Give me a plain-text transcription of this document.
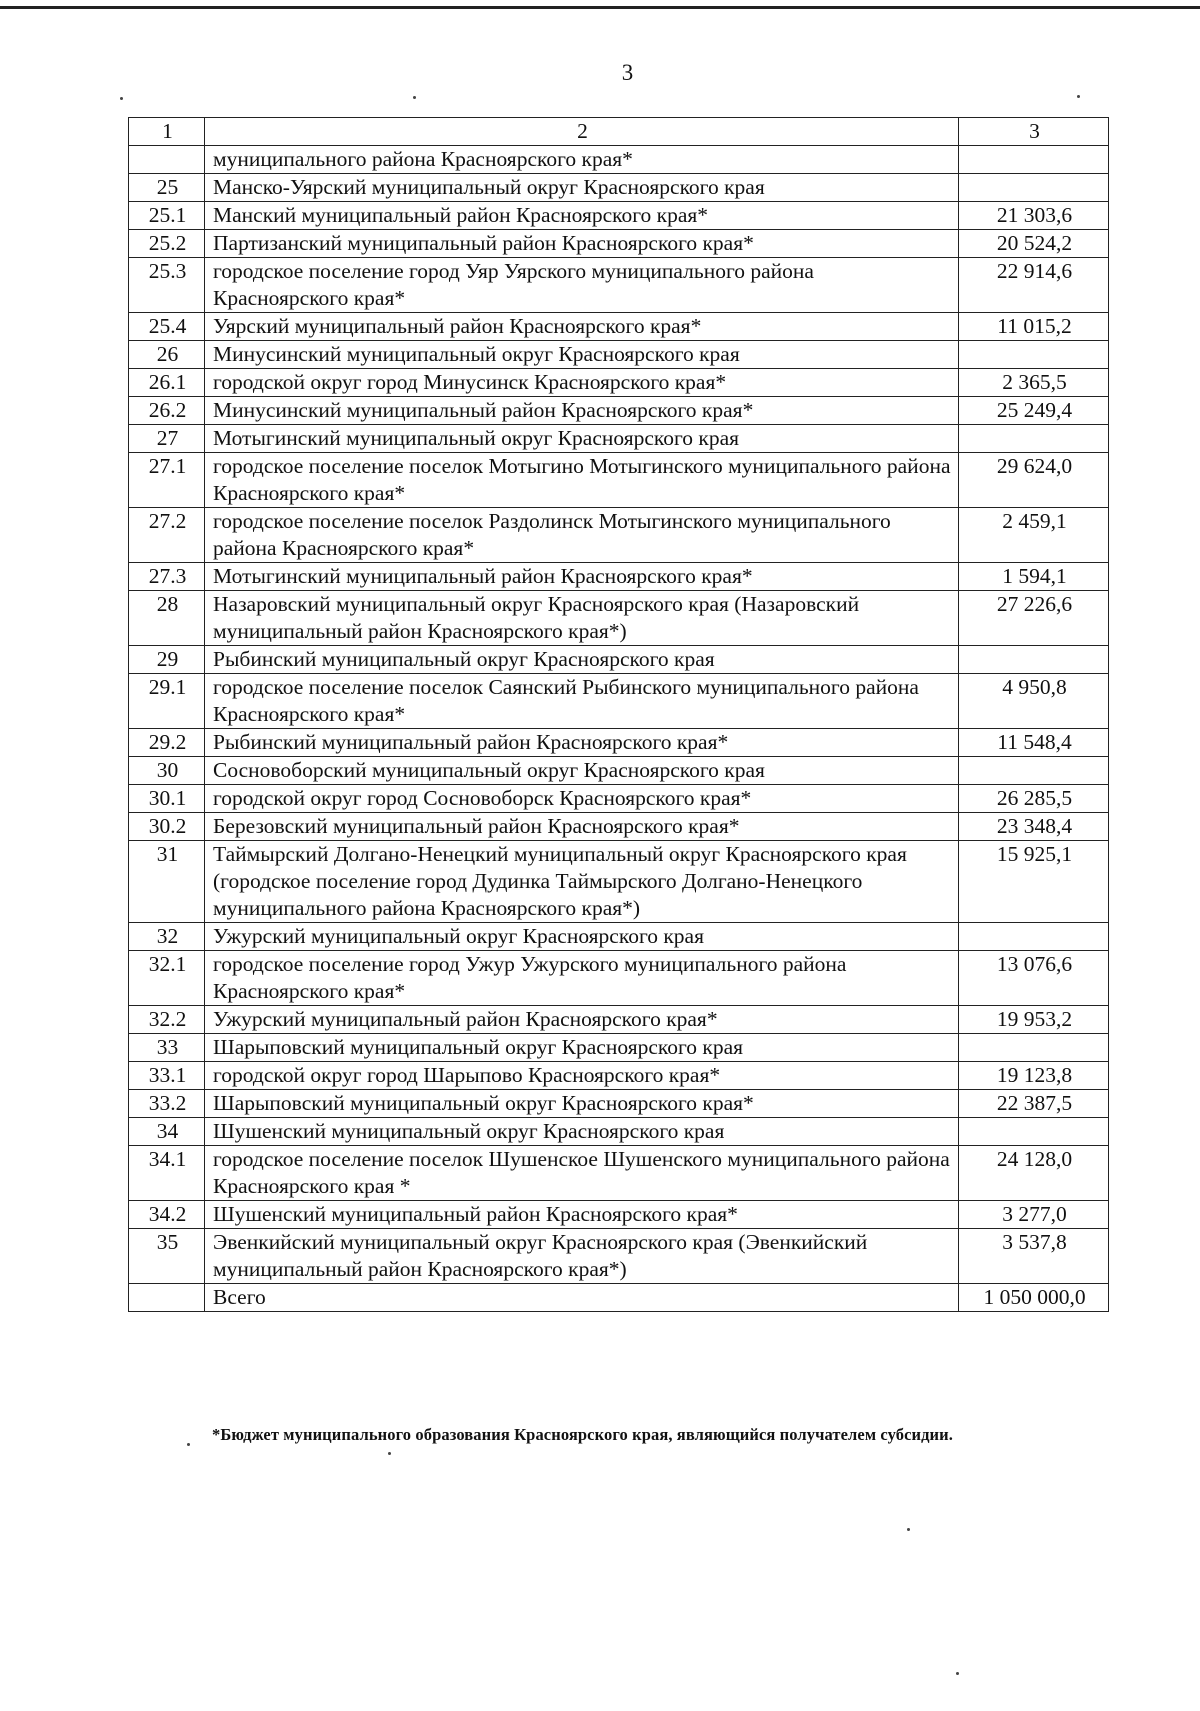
3
1	2	3
	муниципального района Красноярского края*	
25	Манско-Уярский муниципальный округ Красноярского края	
25.1	Манский муниципальный район Красноярского края*	21 303,6
25.2	Партизанский муниципальный район Красноярского края*	20 524,2
25.3	городское поселение город Уяр Уярского муниципального района Красноярского края*	22 914,6
25.4	Уярский муниципальный район Красноярского края*	11 015,2
26	Минусинский муниципальный округ Красноярского края	
26.1	городской округ город Минусинск Красноярского края*	2 365,5
26.2	Минусинский муниципальный район Красноярского края*	25 249,4
27	Мотыгинский муниципальный округ Красноярского края	
27.1	городское поселение поселок Мотыгино Мотыгинского муниципального района Красноярского края*	29 624,0
27.2	городское поселение поселок Раздолинск Мотыгинского муниципального района Красноярского края*	2 459,1
27.3	Мотыгинский муниципальный район Красноярского края*	1 594,1
28	Назаровский муниципальный округ Красноярского края (Назаровский муниципальный район Красноярского края*)	27 226,6
29	Рыбинский муниципальный округ Красноярского края	
29.1	городское поселение поселок Саянский Рыбинского муниципального района Красноярского края*	4 950,8
29.2	Рыбинский муниципальный район Красноярского края*	11 548,4
30	Сосновоборский муниципальный округ Красноярского края	
30.1	городской округ город Сосновоборск Красноярского края*	26 285,5
30.2	Березовский муниципальный район Красноярского края*	23 348,4
31	Таймырский Долгано-Ненецкий муниципальный округ Красноярского края (городское поселение город Дудинка Таймырского Долгано-Ненецкого муниципального района Красноярского края*)	15 925,1
32	Ужурский муниципальный округ Красноярского края	
32.1	городское поселение город Ужур Ужурского муниципального района Красноярского края*	13 076,6
32.2	Ужурский муниципальный район Красноярского края*	19 953,2
33	Шарыповский муниципальный округ Красноярского края	
33.1	городской округ город Шарыпово Красноярского края*	19 123,8
33.2	Шарыповский муниципальный округ Красноярского края*	22 387,5
34	Шушенский муниципальный округ Красноярского края	
34.1	городское поселение поселок Шушенское Шушенского муниципального района Красноярского края *	24 128,0
34.2	Шушенский муниципальный район Красноярского края*	3 277,0
35	Эвенкийский муниципальный округ Красноярского края (Эвенкийский муниципальный район Красноярского края*)	3 537,8
	Всего	1 050 000,0
*Бюджет муниципального образования Красноярского края, являющийся получателем субсидии.
